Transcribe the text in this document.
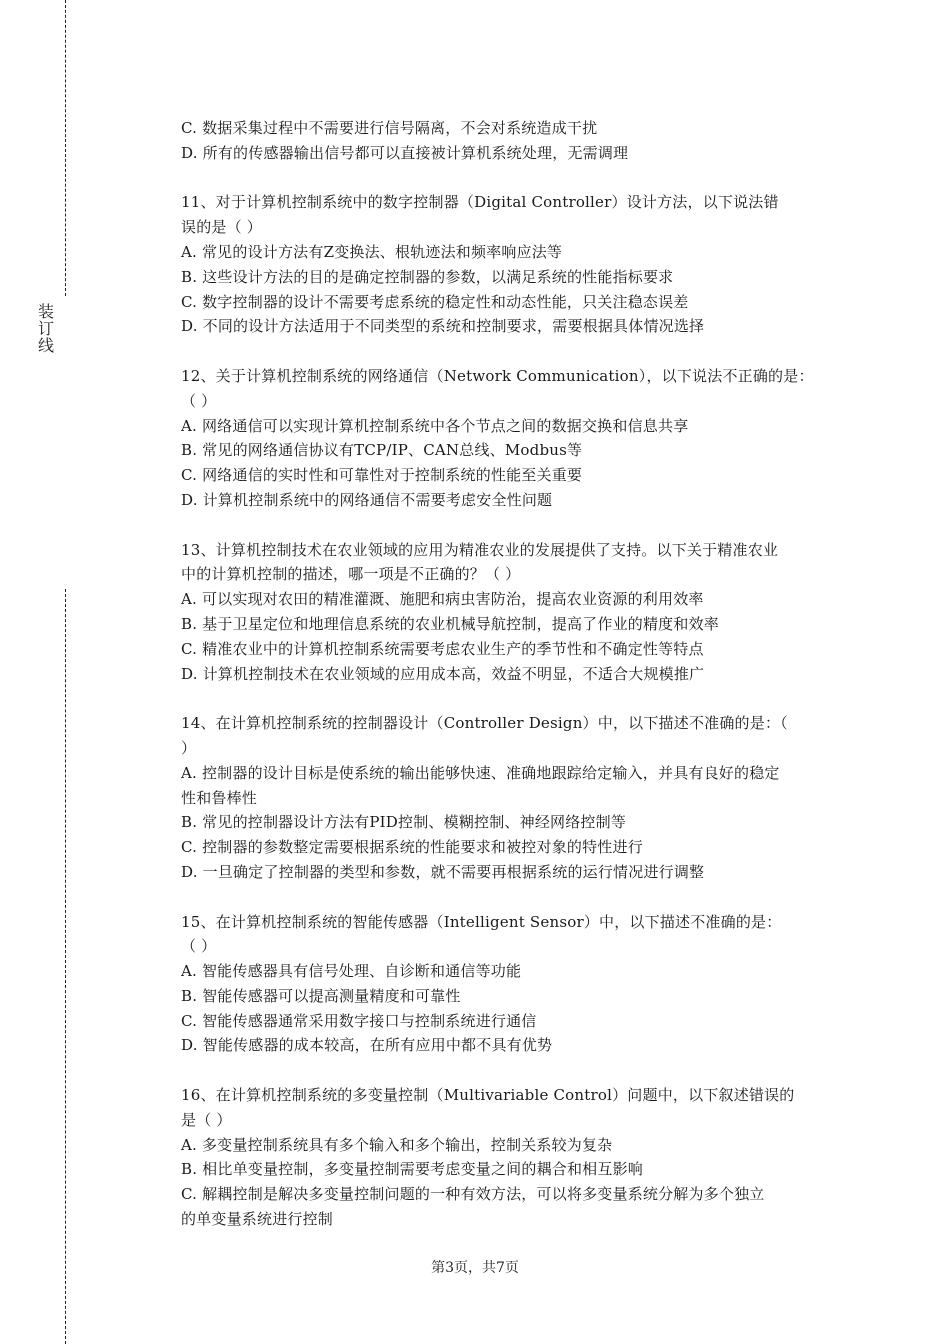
装订线
C. 数据采集过程中不需要进行信号隔离，不会对系统造成干扰
D. 所有的传感器输出信号都可以直接被计算机系统处理，无需调理
11、对于计算机控制系统中的数字控制器（Digital Controller）设计方法，以下说法错
误的是（ ）
A. 常见的设计方法有Z变换法、根轨迹法和频率响应法等
B. 这些设计方法的目的是确定控制器的参数，以满足系统的性能指标要求
C. 数字控制器的设计不需要考虑系统的稳定性和动态性能，只关注稳态误差
D. 不同的设计方法适用于不同类型的系统和控制要求，需要根据具体情况选择
12、关于计算机控制系统的网络通信（Network Communication），以下说法不正确的是：
（ ）
A. 网络通信可以实现计算机控制系统中各个节点之间的数据交换和信息共享
B. 常见的网络通信协议有TCP/IP、CAN总线、Modbus等
C. 网络通信的实时性和可靠性对于控制系统的性能至关重要
D. 计算机控制系统中的网络通信不需要考虑安全性问题
13、计算机控制技术在农业领域的应用为精准农业的发展提供了支持。以下关于精准农业
中的计算机控制的描述，哪一项是不正确的？（ ）
A. 可以实现对农田的精准灌溉、施肥和病虫害防治，提高农业资源的利用效率
B. 基于卫星定位和地理信息系统的农业机械导航控制，提高了作业的精度和效率
C. 精准农业中的计算机控制系统需要考虑农业生产的季节性和不确定性等特点
D. 计算机控制技术在农业领域的应用成本高，效益不明显，不适合大规模推广
14、在计算机控制系统的控制器设计（Controller Design）中，以下描述不准确的是：（
）
A. 控制器的设计目标是使系统的输出能够快速、准确地跟踪给定输入，并具有良好的稳定
性和鲁棒性
B. 常见的控制器设计方法有PID控制、模糊控制、神经网络控制等
C. 控制器的参数整定需要根据系统的性能要求和被控对象的特性进行
D. 一旦确定了控制器的类型和参数，就不需要再根据系统的运行情况进行调整
15、在计算机控制系统的智能传感器（Intelligent Sensor）中，以下描述不准确的是：
（ ）
A. 智能传感器具有信号处理、自诊断和通信等功能
B. 智能传感器可以提高测量精度和可靠性
C. 智能传感器通常采用数字接口与控制系统进行通信
D. 智能传感器的成本较高，在所有应用中都不具有优势
16、在计算机控制系统的多变量控制（Multivariable Control）问题中，以下叙述错误的
是（ ）
A. 多变量控制系统具有多个输入和多个输出，控制关系较为复杂
B. 相比单变量控制，多变量控制需要考虑变量之间的耦合和相互影响
C. 解耦控制是解决多变量控制问题的一种有效方法，可以将多变量系统分解为多个独立
的单变量系统进行控制
第3页，共7页
